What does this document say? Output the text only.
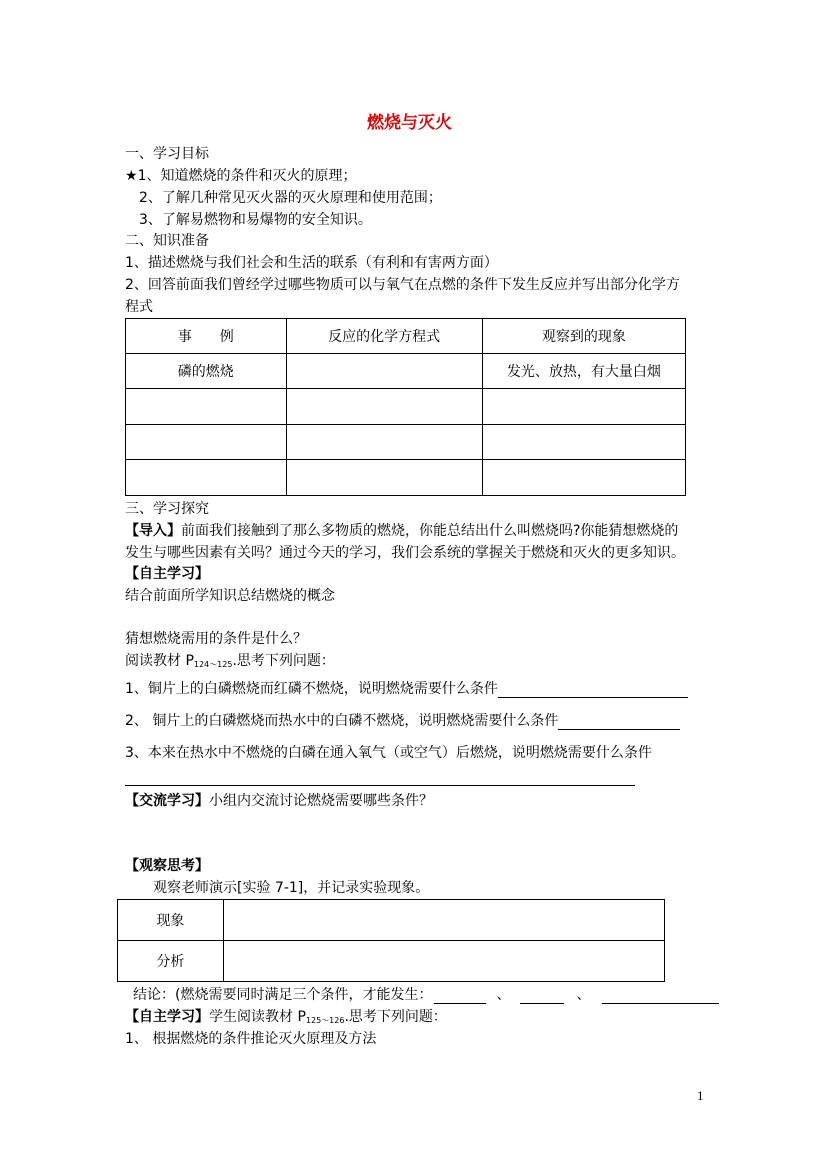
燃烧与灭火
一、学习目标
★1、知道燃烧的条件和灭火的原理；
2、了解几种常见灭火器的灭火原理和使用范围；
3、了解易燃物和易爆物的安全知识。
二、知识准备
1、描述燃烧与我们社会和生活的联系（有利和有害两方面）
2、回答前面我们曾经学过哪些物质可以与氧气在点燃的条件下发生反应并写出部分化学方
程式
事　　例	反应的化学方程式	观察到的现象
磷的燃烧		发光、放热，有大量白烟

三、学习探究
【导入】前面我们接触到了那么多物质的燃烧，你能总结出什么叫燃烧吗?你能猜想燃烧的
发生与哪些因素有关吗？通过今天的学习，我们会系统的掌握关于燃烧和灭火的更多知识。
【自主学习】
结合前面所学知识总结燃烧的概念
猜想燃烧需用的条件是什么？
阅读教材 $P_{124\sim 125}$.思考下列问题：
1、铜片上的白磷燃烧而红磷不燃烧，说明燃烧需要什么条件
2、 铜片上的白磷燃烧而热水中的白磷不燃烧，说明燃烧需要什么条件
3、本来在热水中不燃烧的白磷在通入氧气（或空气）后燃烧，说明燃烧需要什么条件
【交流学习】小组内交流讨论燃烧需要哪些条件？
【观察思考】
观察老师演示[实验 7-1]，并记录实验现象。
现象	
分析	
结论：(燃烧需要同时满足三个条件，才能发生：	、	、
【自主学习】学生阅读教材 $P_{125\sim 126}$.思考下列问题：
1、 根据燃烧的条件推论灭火原理及方法
1
